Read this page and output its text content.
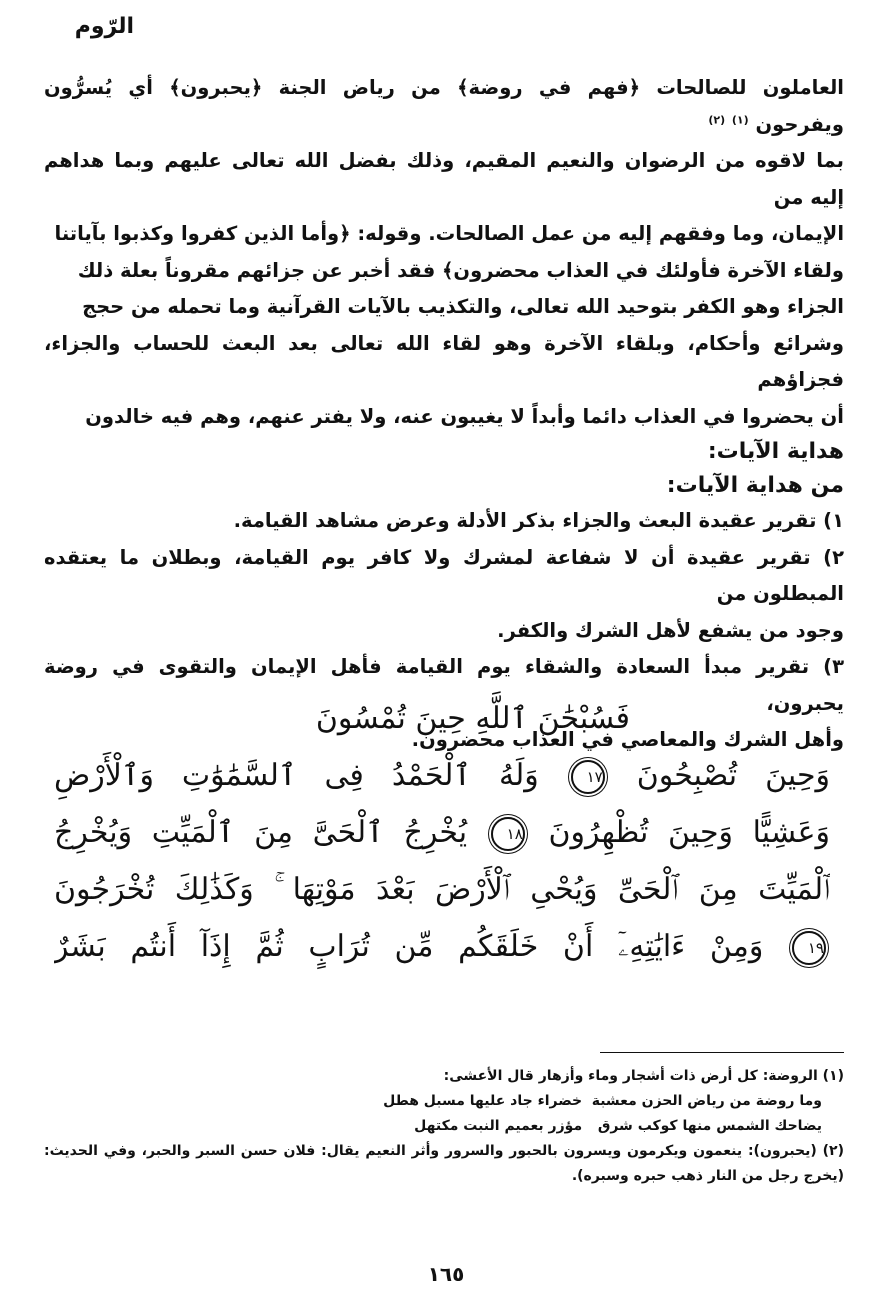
الرّوم

العاملون للصالحات ﴿فهم في روضة﴾ من رياض الجنة ﴿يحبرون﴾ أي يُسرُّون ويفرحون $^{(١)}$ $^{(٢)}$
بما لاقوه من الرضوان والنعيم المقيم، وذلك بفضل الله تعالى عليهم وبما هداهم إليه من
الإيمان، وما وفقهم إليه من عمل الصالحات. وقوله: ﴿وأما الذين كفروا وكذبوا بآياتنا
ولقاء الآخرة فأولئك في العذاب محضرون﴾ فقد أخبر عن جزائهم مقروناً بعلة ذلك
الجزاء وهو الكفر بتوحيد الله تعالى، والتكذيب بالآيات القرآنية وما تحمله من حجج
وشرائع وأحكام، وبلقاء الآخرة وهو لقاء الله تعالى بعد البعث للحساب والجزاء، فجزاؤهم
أن يحضروا في العذاب دائما وأبداً لا يغيبون عنه، ولا يفتر عنهم، وهم فيه خالدون

هداية الآيات:

من هداية الآيات:

١) تقرير عقيدة البعث والجزاء بذكر الأدلة وعرض مشاهد القيامة.

٢) تقرير عقيدة أن لا شفاعة لمشرك ولا كافر يوم القيامة، وبطلان ما يعتقده المبطلون من
وجود من يشفع لأهل الشرك والكفر.

٣) تقرير مبدأ السعادة والشقاء يوم القيامة فأهل الإيمان والتقوى في روضة يحبرون،
وأهل الشرك والمعاصي في العذاب محضرون.

فَسُبْحَٰنَ ٱللَّهِ حِينَ تُمْسُونَ

وَحِينَ تُصْبِحُونَ ١٧ وَلَهُ ٱلْحَمْدُ فِى ٱلسَّمَٰوَٰتِ وَٱلْأَرْضِ

وَعَشِيًّا وَحِينَ تُظْهِرُونَ ١٨ يُخْرِجُ ٱلْحَىَّ مِنَ ٱلْمَيِّتِ وَيُخْرِجُ

ٱلْمَيِّتَ مِنَ ٱلْحَىِّ وَيُحْىِ ٱلْأَرْضَ بَعْدَ مَوْتِهَا ۚ وَكَذَٰلِكَ تُخْرَجُونَ

١٩ وَمِنْ ءَايَٰتِهِۦٓ أَنْ خَلَقَكُم مِّن تُرَابٍ ثُمَّ إِذَآ أَنتُم بَشَرٌ

(١) الروضة: كل أرض ذات أشجار وماء وأزهار قال الأعشى:

وما روضة من رياض الحزن معشبة خضراء جاد عليها مسبل هطل

يضاحك الشمس منها كوكب شرق مؤزر بعميم النبت مكتهل

(٢) (يحبرون): ينعمون ويكرمون ويسرون بالحبور والسرور وأثر النعيم يقال: فلان حسن السبر والحبر، وفي الحديث: (يخرج رجل من النار ذهب حبره وسبره).

١٦٥
